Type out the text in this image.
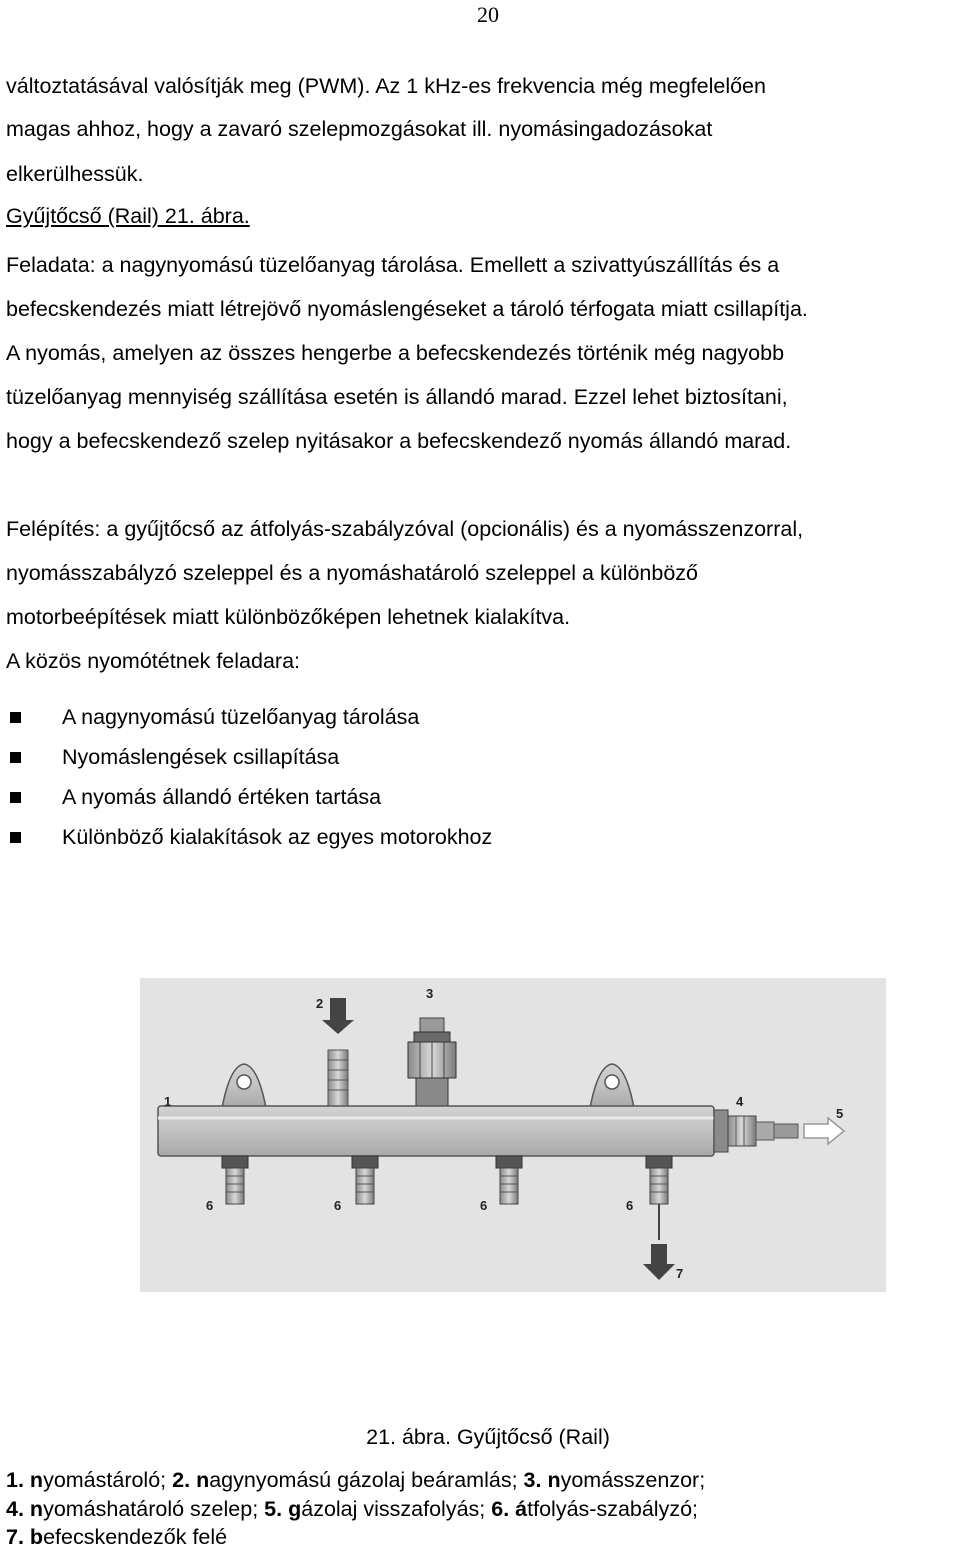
20
változtatásával valósítják meg (PWM). Az 1 kHz-es frekvencia még megfelelően
magas ahhoz, hogy a zavaró szelepmozgásokat ill. nyomásingadozásokat
elkerülhessük.
Gyűjtőcső (Rail) 21. ábra.
Feladata: a nagynyomású tüzelőanyag tárolása. Emellett a szivattyúszállítás és a
befecskendezés miatt létrejövő nyomáslengéseket a tároló térfogata miatt csillapítja.
A nyomás, amelyen az összes hengerbe a befecskendezés történik még nagyobb
tüzelőanyag mennyiség szállítása esetén is állandó marad. Ezzel lehet biztosítani,
hogy a befecskendező szelep nyitásakor a befecskendező nyomás állandó marad.
Felépítés: a gyűjtőcső az átfolyás-szabályzóval (opcionális) és a nyomásszenzorral,
nyomásszabályzó szeleppel és a nyomáshatároló szeleppel a különböző
motorbeépítések miatt különbözőképen lehetnek kialakítva.
A közös nyomótétnek feladara:
A nagynyomású tüzelőanyag tárolása
Nyomáslengések csillapítása
A nyomás állandó értéken tartása
Különböző kialakítások az egyes motorokhoz
1
2
3
4
5
6	6	6	6
7
21. ábra. Gyűjtőcső (Rail)
1. nyomástároló; 2. nagynyomású gázolaj beáramlás; 3. nyomásszenzor;
4. nyomáshatároló szelep; 5. gázolaj visszafolyás; 6. átfolyás-szabályzó;
7. befecskendezők felé
